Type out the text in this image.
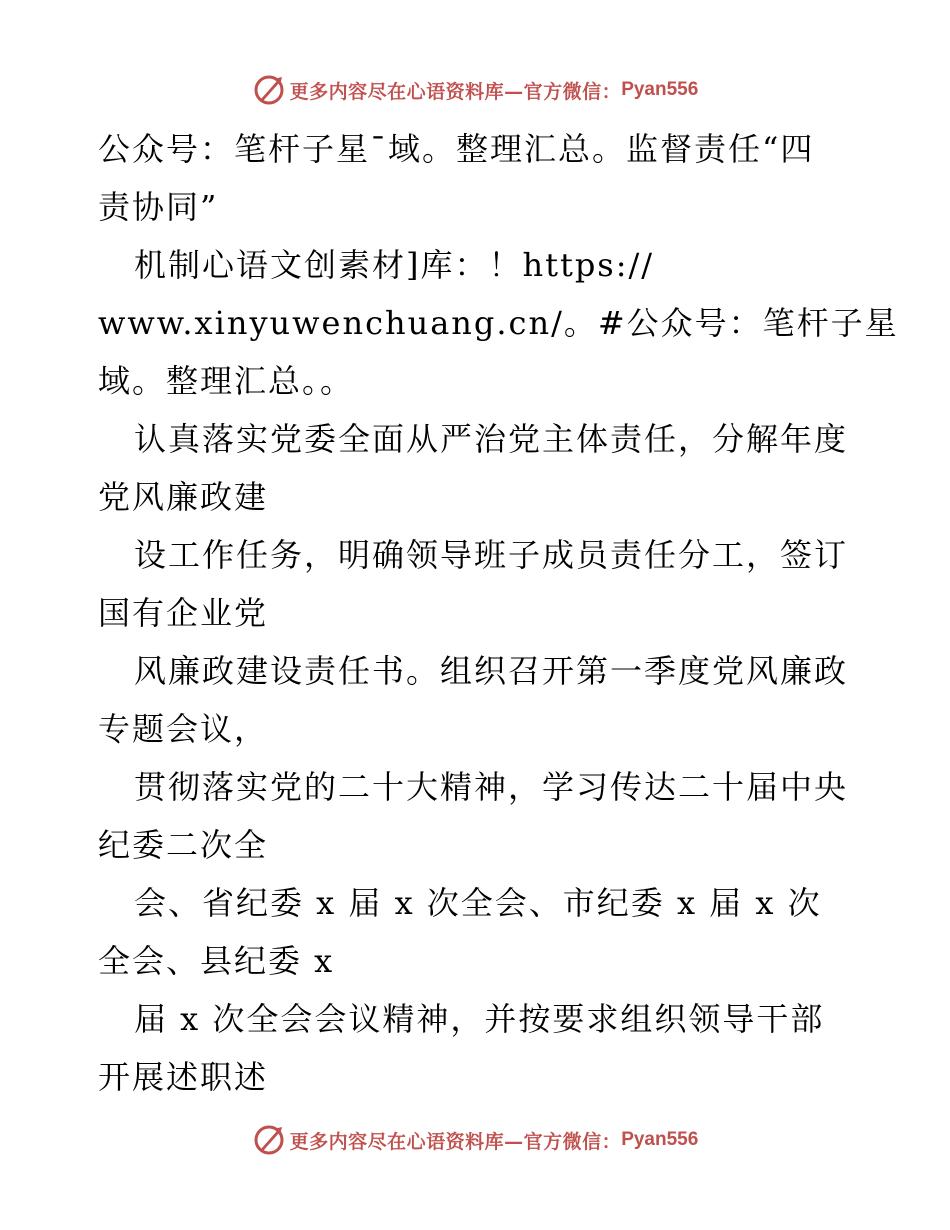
更多内容尽在心语资料库—官方微信： Pyan556
公众号：笔杆子星¯域。整理汇总。监督责任“四
责协同”
机制心语文创素材]库：！https://
www.xinyuwenchuang.cn/。#公众号：笔杆子星
域。整理汇总。。
认真落实党委全面从严治党主体责任，分解年度
党风廉政建
设工作任务，明确领导班子成员责任分工，签订
国有企业党
风廉政建设责任书。组织召开第一季度党风廉政
专题会议，
贯彻落实党的二十大精神，学习传达二十届中央
纪委二次全
会、省纪委 x 届 x 次全会、市纪委 x 届 x 次
全会、县纪委 x
届 x 次全会会议精神，并按要求组织领导干部
开展述职述
更多内容尽在心语资料库—官方微信： Pyan556
